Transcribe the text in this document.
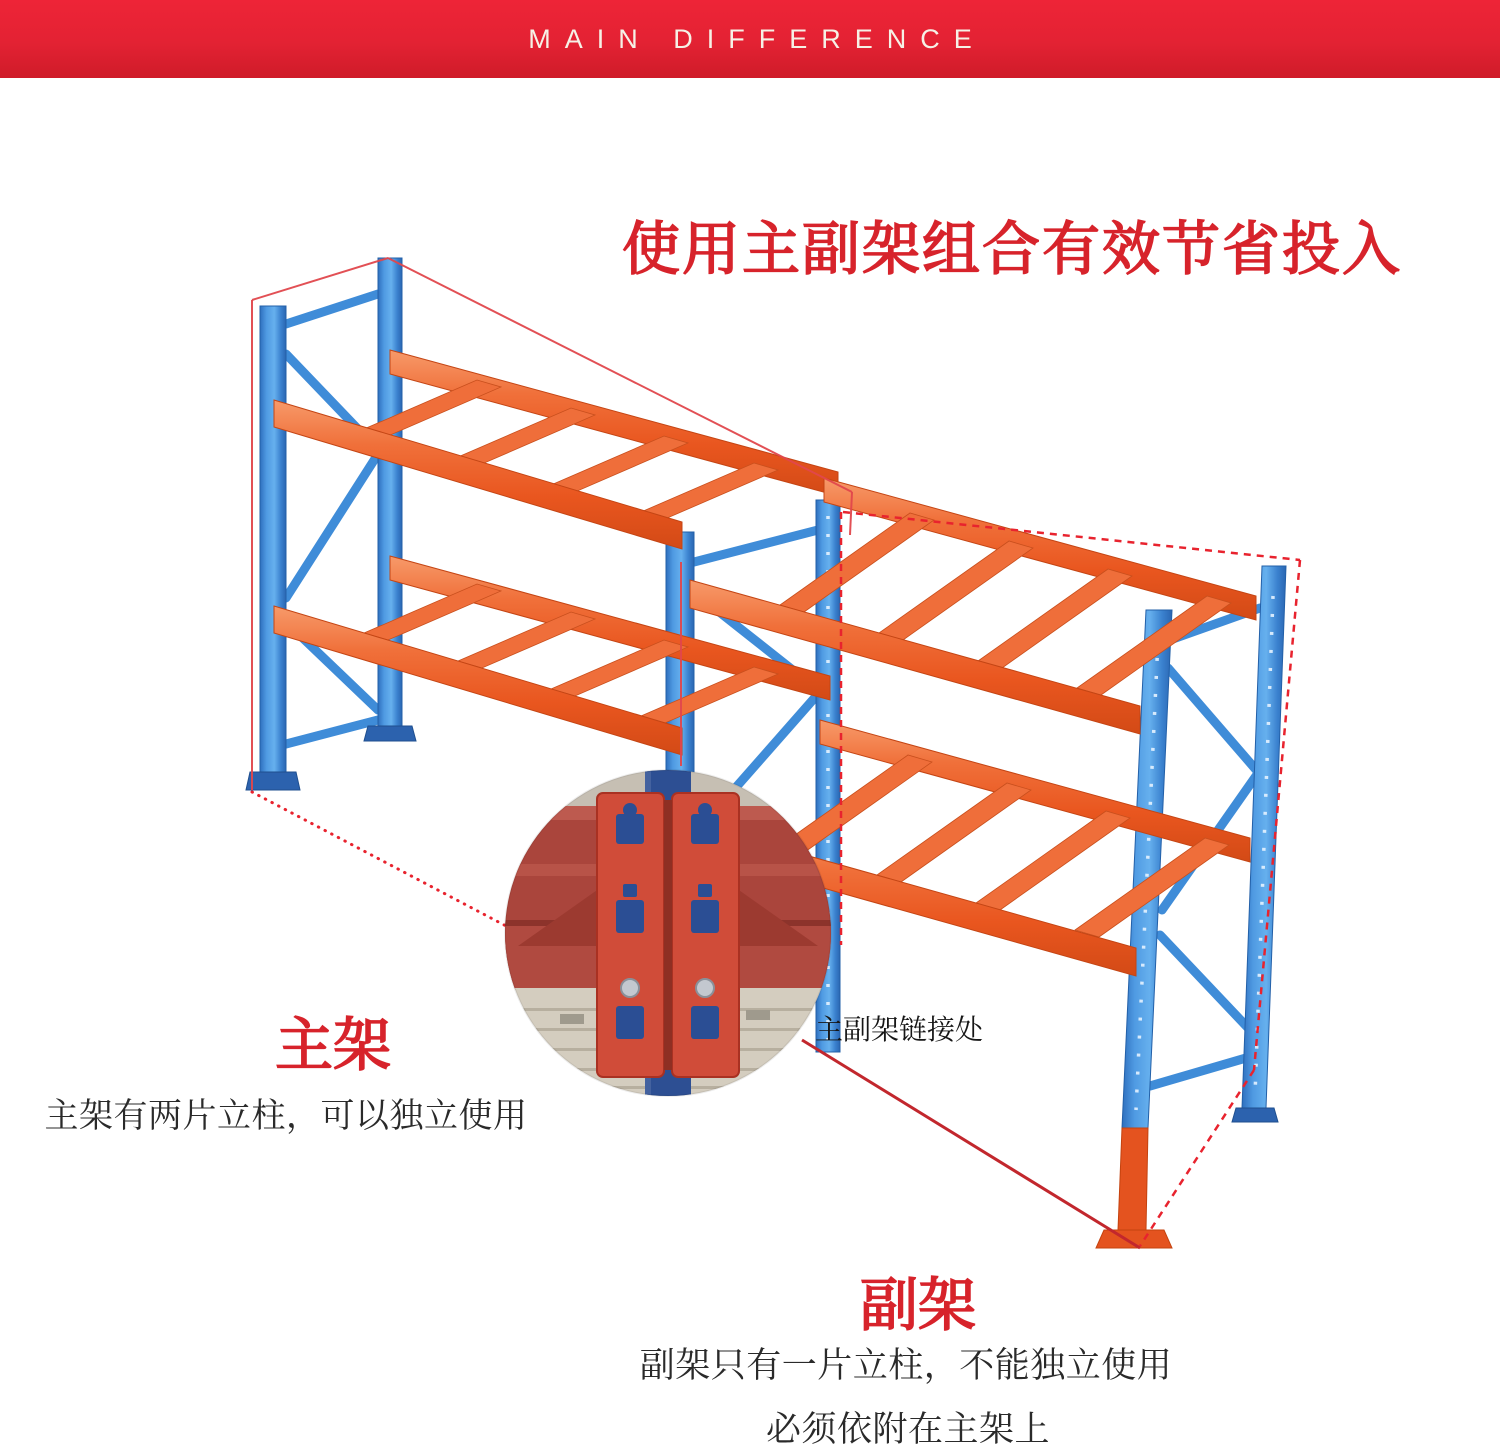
MAIN DIFFERENCE
使用主副架组合有效节省投入
主架
主架有两片立柱，可以独立使用
主副架链接处
副架
副架只有一片立柱，不能独立使用
必须依附在主架上
